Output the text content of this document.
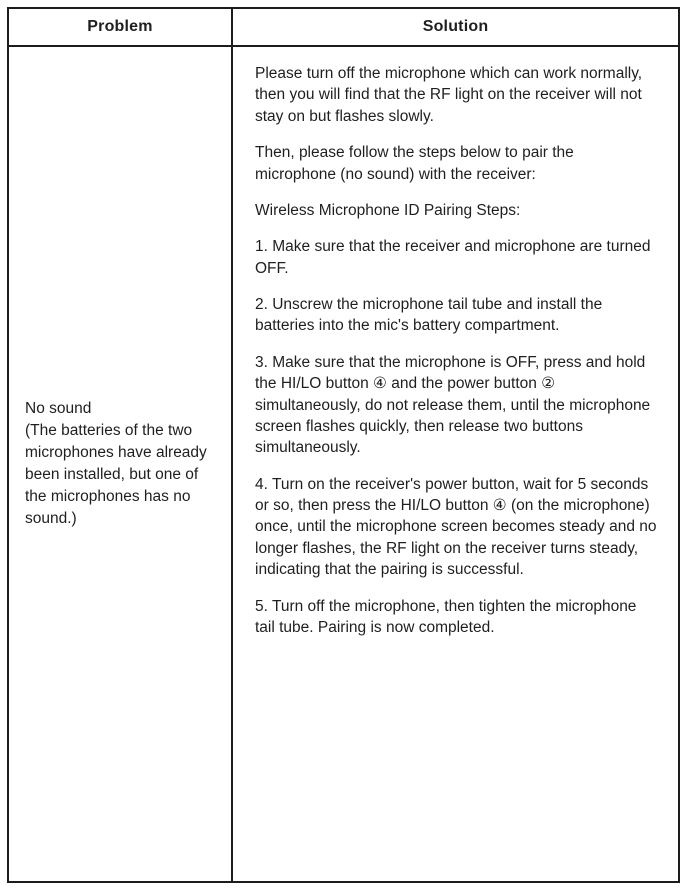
Problem	Solution

No sound

(The batteries of the two microphones have already been installed, but one of the microphones has no sound.)

Please turn off the microphone which can work normally, then you will find that the RF light on the receiver will not stay on but flashes slowly.

Then, please follow the steps below to pair the microphone (no sound) with the receiver:

Wireless Microphone ID Pairing Steps:

1. Make sure that the receiver and microphone are turned OFF.

2. Unscrew the microphone tail tube and install the batteries into the mic's battery compartment.

3. Make sure that the microphone is OFF, press and hold the HI/LO button ④ and the power button ② simultaneously, do not release them, until the microphone screen flashes quickly, then release two buttons simultaneously.

4. Turn on the receiver's power button, wait for 5 seconds or so, then press the HI/LO button ④ (on the microphone) once, until the microphone screen becomes steady and no longer flashes, the RF light on the receiver turns steady, indicating that the pairing is successful.

5. Turn off the microphone, then tighten the microphone tail tube. Pairing is now completed.
